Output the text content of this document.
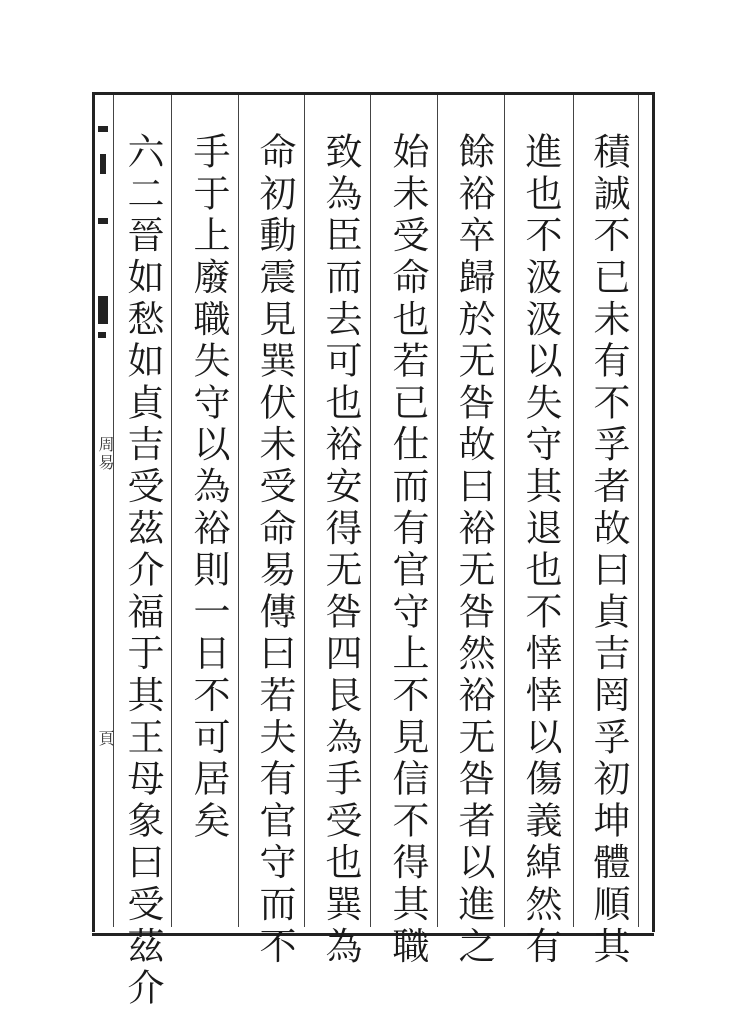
周易
頁	積誠不已未有不孚者故曰貞吉罔孚初坤體順其
進也不汲汲以失守其退也不悻悻以傷義綽然有
餘裕卒歸於无咎故曰裕无咎然裕无咎者以進之
始未受命也若已仕而有官守上不見信不得其職
致為臣而去可也裕安得无咎四艮為手受也巽為
命初動震見巽伏未受命易傳曰若夫有官守而不
手于上廢職失守以為裕則一日不可居矣
六二晉如愁如貞吉受茲介福于其王母象曰受茲介
